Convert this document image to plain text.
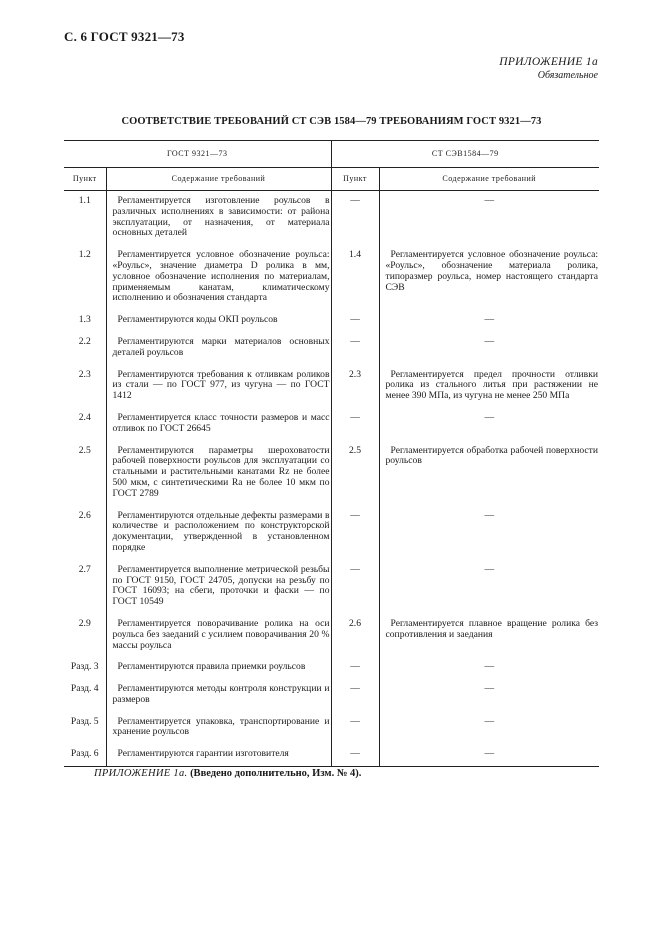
С. 6 ГОСТ 9321—73
ПРИЛОЖЕНИЕ 1а
Обязательное
СООТВЕТСТВИЕ ТРЕБОВАНИЙ СТ СЭВ 1584—79 ТРЕБОВАНИЯМ ГОСТ 9321—73
ГОСТ 9321—73		СТ СЭВ1584—79	
Пункт	Содержание требований	Пункт	Содержание требований
1.1	Регламентируется изготовление роульсов в различных исполнениях в зависимости: от района эксплуатации, от назначения, от материала основных деталей	—	—
1.2	Регламентируется условное обозначение роульса: «Роульс», значение диаметра D ролика в мм, условное обозначение исполнения по материалам, применяемым канатам, климатическому исполнению и обозначения стандарта	1.4	Регламентируется условное обозначение роульса: «Роульс», обозначение материала ролика, типоразмер роульса, номер настоящего стандарта СЭВ
1.3	Регламентируются коды ОКП роульсов	—	—
2.2	Регламентируются марки материалов основных деталей роульсов	—	—
2.3	Регламентируются требования к отливкам роликов из стали — по ГОСТ 977, из чугуна — по ГОСТ 1412	2.3	Регламентируется предел прочности отливки ролика из стального литья при растяжении не менее 390 МПа, из чугуна не менее 250 МПа
2.4	Регламентируется класс точности размеров и масс отливок по ГОСТ 26645	—	—
2.5	Регламентируются параметры шероховатости рабочей поверхности роульсов для эксплуатации со стальными и растительными канатами Rz не более 500 мкм, с синтетическими Ra не более 10 мкм по ГОСТ 2789	2.5	Регламентируется обработка рабочей поверхности роульсов
2.6	Регламентируются отдельные дефекты размерами в количестве и расположением по конструкторской документации, утвержденной в установленном порядке	—	—
2.7	Регламентируется выполнение метрической резьбы по ГОСТ 9150, ГОСТ 24705, допуски на резьбу по ГОСТ 16093; на сбеги, проточки и фаски — по ГОСТ 10549	—	—
2.9	Регламентируется поворачивание ролика на оси роульса без заеданий с усилием поворачивания 20 % массы роульса	2.6	Регламентируется плавное вращение ролика без сопротивления и заедания
Разд. 3	Регламентируются правила приемки роульсов	—	—
Разд. 4	Регламентируются методы контроля конструкции и размеров	—	—
Разд. 5	Регламентируется упаковка, транспортирование и хранение роульсов	—	—
Разд. 6	Регламентируются гарантии изготовителя	—	—
ПРИЛОЖЕНИЕ 1а. (Введено дополнительно, Изм. № 4).
